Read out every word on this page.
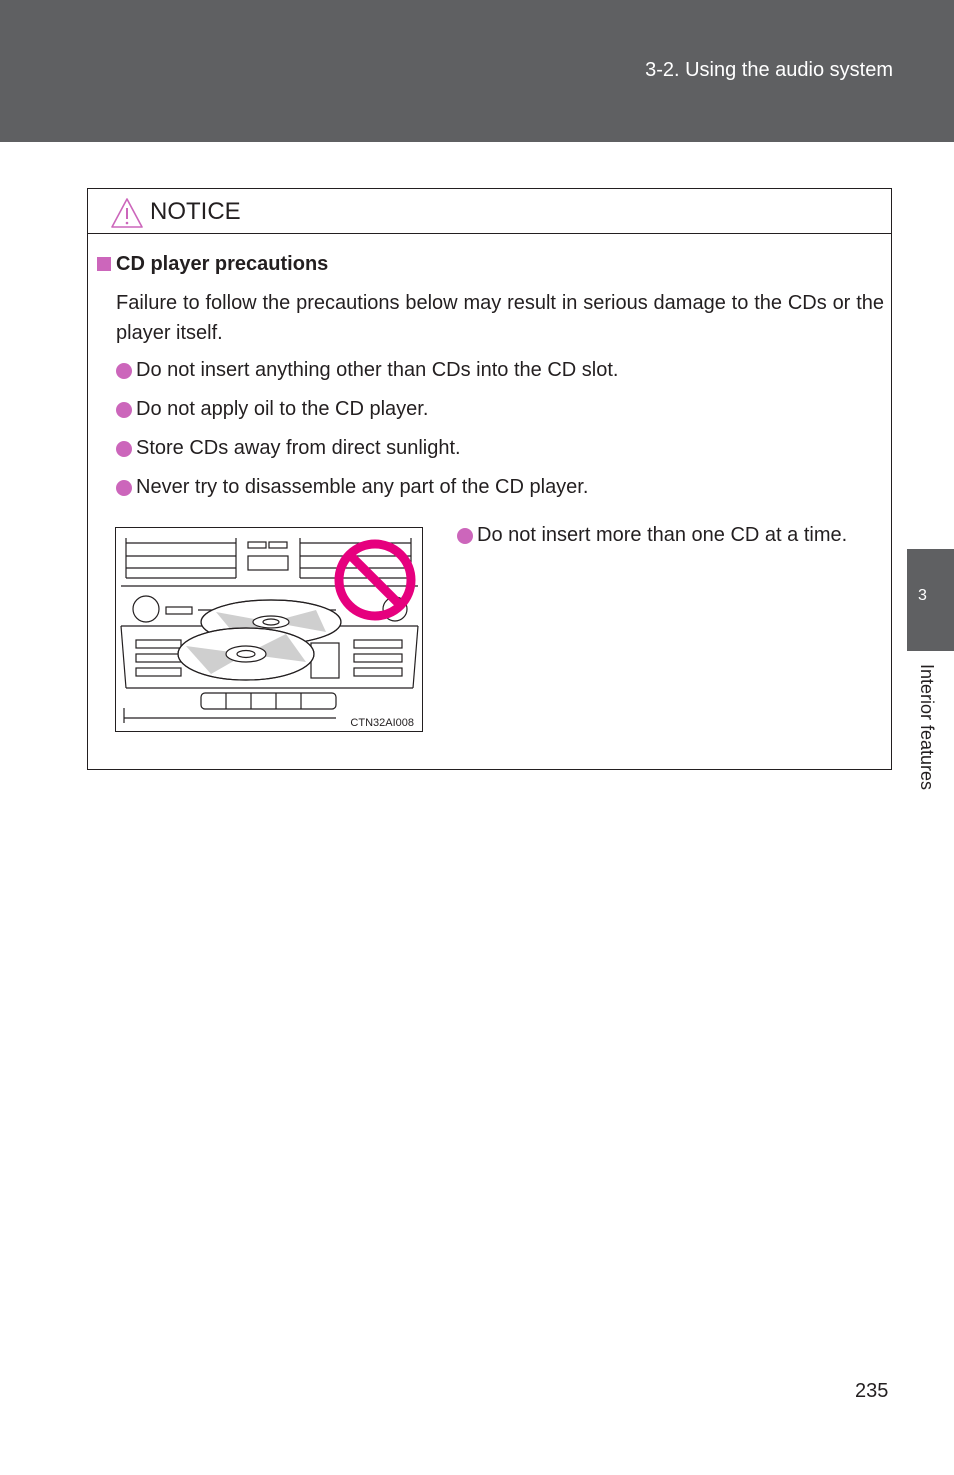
3-2. Using the audio system
3
Interior features
NOTICE
CD player precautions
Failure to follow the precautions below may result in serious damage to the CDs or the player itself.
Do not insert anything other than CDs into the CD slot.
Do not apply oil to the CD player.
Store CDs away from direct sunlight.
Never try to disassemble any part of the CD player.
CTN32AI008
Do not insert more than one CD at a time.
235
